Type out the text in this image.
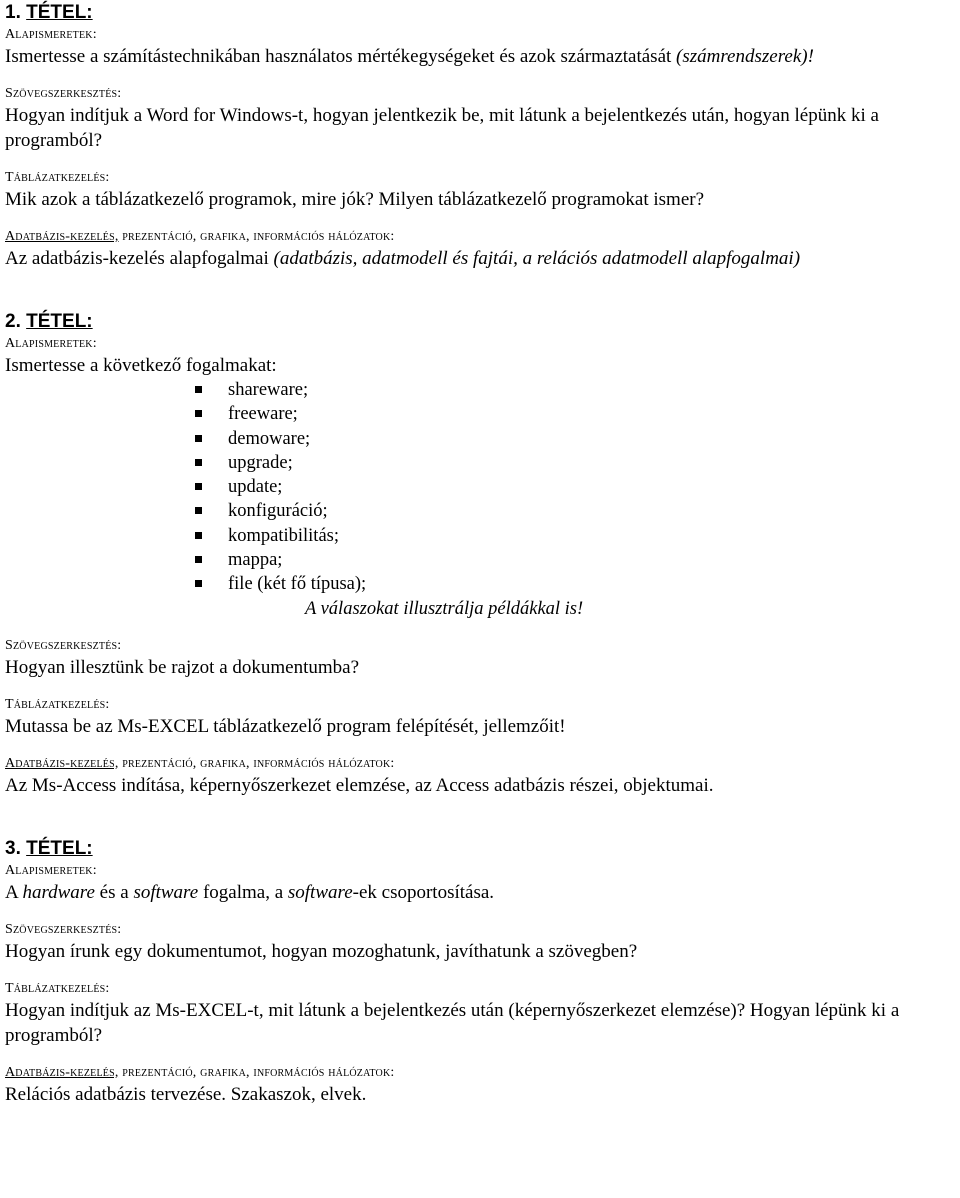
1. TÉTEL:
Alapismeretek:
Ismertesse a számítástechnikában használatos mértékegységeket és azok származtatását (számrendszerek)!
Szövegszerkesztés:
Hogyan indítjuk a Word for Windows-t, hogyan jelentkezik be, mit látunk a bejelentkezés után, hogyan lépünk ki a programból?
Táblázatkezelés:
Mik azok a táblázatkezelő programok, mire jók? Milyen táblázatkezelő programokat ismer?
Adatbázis-kezelés, prezentáció, grafika, információs hálózatok:
Az adatbázis-kezelés alapfogalmai (adatbázis, adatmodell és fajtái, a relációs adatmodell alapfogalmai)
2. TÉTEL:
Alapismeretek:
Ismertesse a következő fogalmakat:
shareware;
freeware;
demoware;
upgrade;
update;
konfiguráció;
kompatibilitás;
mappa;
file (két fő típusa);
A válaszokat illusztrálja példákkal is!
Szövegszerkesztés:
Hogyan illesztünk be rajzot a dokumentumba?
Táblázatkezelés:
Mutassa be az Ms-EXCEL táblázatkezelő program felépítését, jellemzőit!
Adatbázis-kezelés, prezentáció, grafika, információs hálózatok:
Az Ms-Access indítása, képernyőszerkezet elemzése, az Access adatbázis részei, objektumai.
3. TÉTEL:
Alapismeretek:
A hardware és a software fogalma, a software-ek csoportosítása.
Szövegszerkesztés:
Hogyan írunk egy dokumentumot, hogyan mozoghatunk, javíthatunk a szövegben?
Táblázatkezelés:
Hogyan indítjuk az Ms-EXCEL-t, mit látunk a bejelentkezés után (képernyőszerkezet elemzése)? Hogyan lépünk ki a programból?
Adatbázis-kezelés, prezentáció, grafika, információs hálózatok:
Relációs adatbázis tervezése. Szakaszok, elvek.
